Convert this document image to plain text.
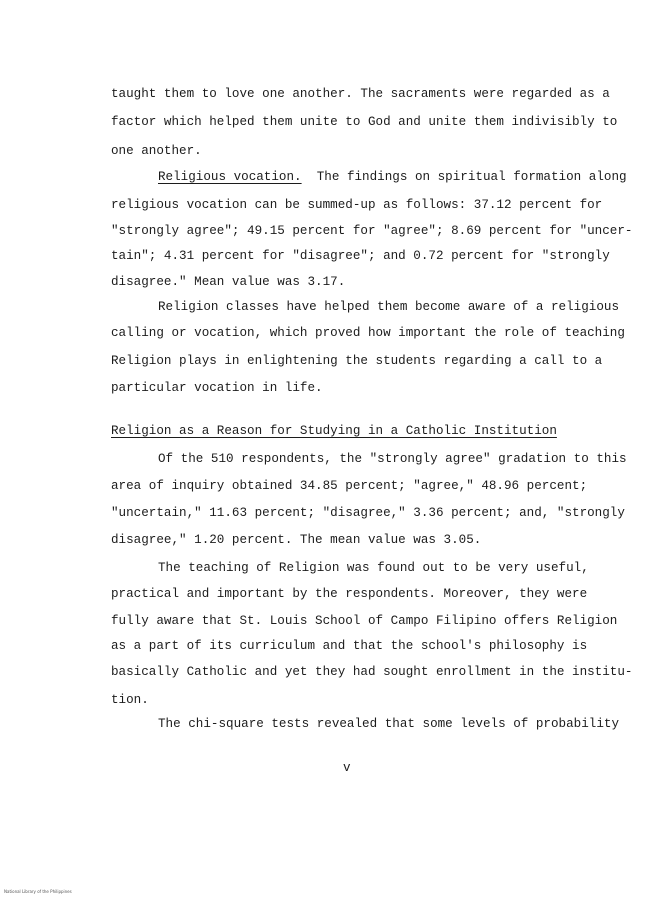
taught them to love one another. The sacraments were regarded as a
factor which helped them unite to God and unite them indivisibly to
one another.
Religious vocation.  The findings on spiritual formation along
religious vocation can be summed-up as follows: 37.12 percent for
"strongly agree"; 49.15 percent for "agree"; 8.69 percent for "uncer-
tain"; 4.31 percent for "disagree"; and 0.72 percent for "strongly
disagree." Mean value was 3.17.
Religion classes have helped them become aware of a religious
calling or vocation, which proved how important the role of teaching
Religion plays in enlightening the students regarding a call to a
particular vocation in life.
Religion as a Reason for Studying in a Catholic Institution
Of the 510 respondents, the "strongly agree" gradation to this
area of inquiry obtained 34.85 percent; "agree," 48.96 percent;
"uncertain," 11.63 percent; "disagree," 3.36 percent; and, "strongly
disagree," 1.20 percent. The mean value was 3.05.
The teaching of Religion was found out to be very useful,
practical and important by the respondents. Moreover, they were
fully aware that St. Louis School of Campo Filipino offers Religion
as a part of its curriculum and that the school's philosophy is
basically Catholic and yet they had sought enrollment in the institu-
tion.
The chi-square tests revealed that some levels of probability
v
National Library of the Philippines
